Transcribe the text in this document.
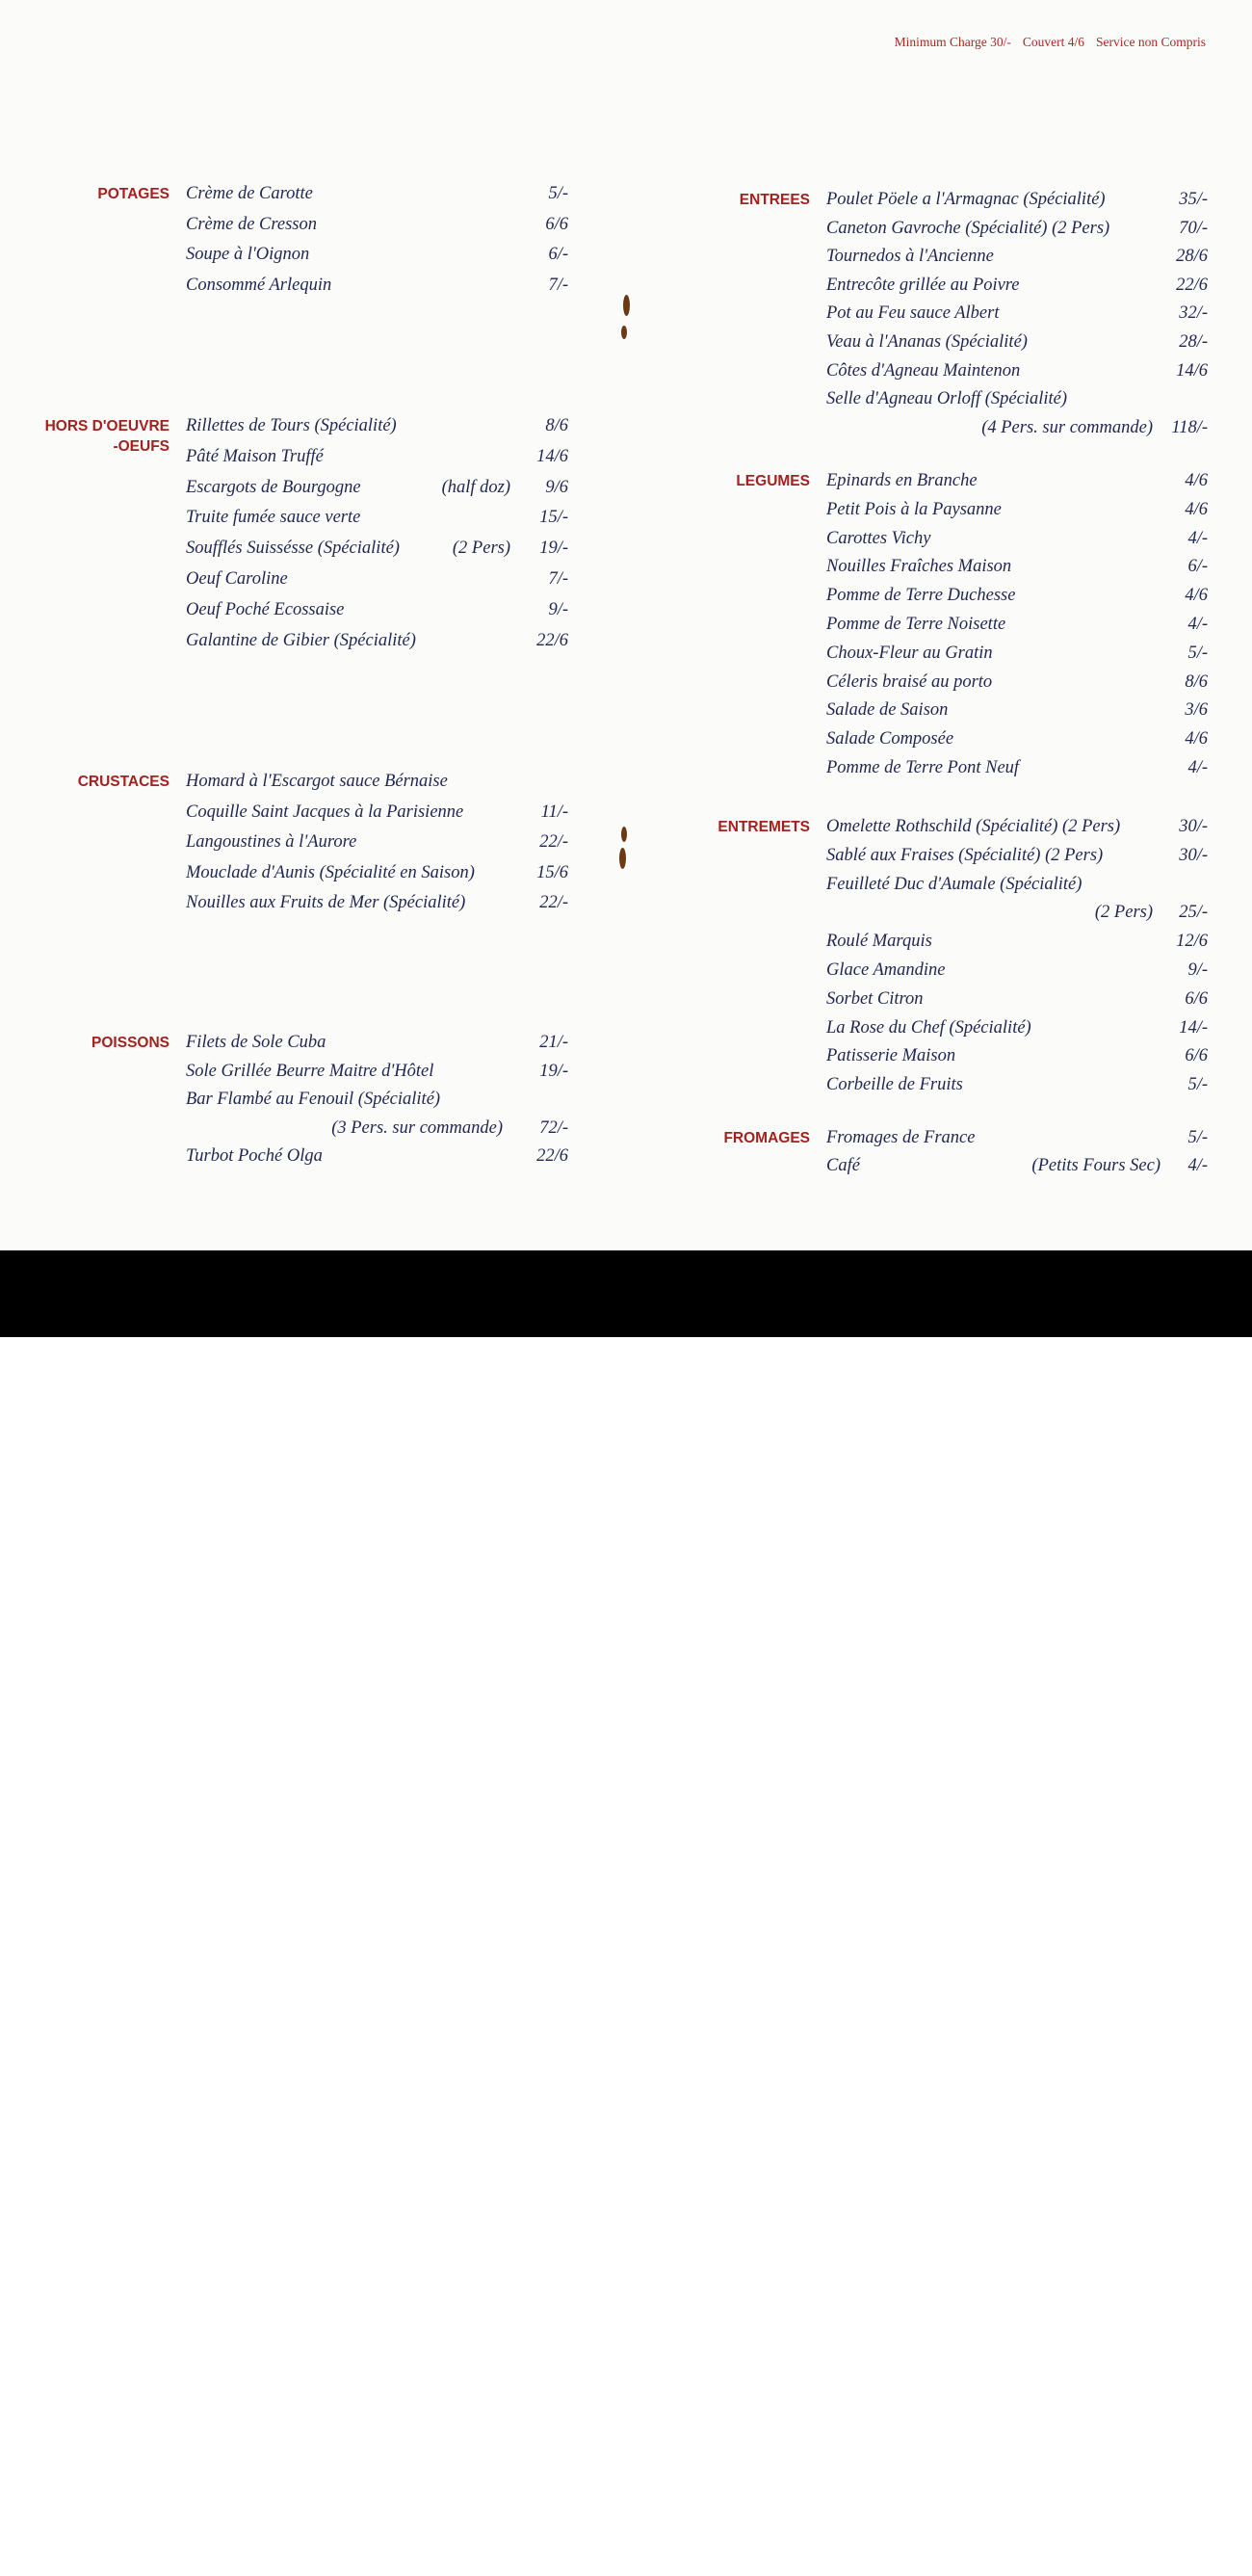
Minimum Charge 30/- Couvert 4/6 Service non Compris
POTAGES Crème de Carotte	5/-
Crème de Cresson	6/6
Soupe à l'Oignon	6/-
Consommé Arlequin	7/-
HORS D'OEUVRE
-OEUFS
Rillettes de Tours (Spécialité)	8/6
Pâté Maison Truffé	14/6
Escargots de Bourgogne	(half doz)	9/6
Truite fumée sauce verte	15/-
Soufflés Suissésse (Spécialité)	(2 Pers)	19/-
Oeuf Caroline	7/-
Oeuf Poché Ecossaise	9/-
Galantine de Gibier (Spécialité)	22/6
CRUSTACES Homard à l'Escargot sauce Bérnaise
Coquille Saint Jacques à la Parisienne	11/-
Langoustines à l'Aurore	22/-
Mouclade d'Aunis (Spécialité en Saison)	15/6
Nouilles aux Fruits de Mer (Spécialité)	22/-
POISSONS Filets de Sole Cuba	21/-
Sole Grillée Beurre Maitre d'Hôtel	19/-
Bar Flambé au Fenouil (Spécialité)
(3 Pers. sur commande)	72/-
Turbot Poché Olga	22/6
ENTREES Poulet Pöele a l'Armagnac (Spécialité)	35/-
Caneton Gavroche (Spécialité) (2 Pers)	70/-
Tournedos à l'Ancienne	28/6
Entrecôte grillée au Poivre	22/6
Pot au Feu sauce Albert	32/-
Veau à l'Ananas (Spécialité)	28/-
Côtes d'Agneau Maintenon	14/6
Selle d'Agneau Orloff (Spécialité)
(4 Pers. sur commande)	118/-
LEGUMES Epinards en Branche	4/6
Petit Pois à la Paysanne	4/6
Carottes Vichy	4/-
Nouilles Fraîches Maison	6/-
Pomme de Terre Duchesse	4/6
Pomme de Terre Noisette	4/-
Choux-Fleur au Gratin	5/-
Céleris braisé au porto	8/6
Salade de Saison	3/6
Salade Composée	4/6
Pomme de Terre Pont Neuf	4/-
ENTREMETS Omelette Rothschild (Spécialité) (2 Pers)	30/-
Sablé aux Fraises (Spécialité) (2 Pers)	30/-
Feuilleté Duc d'Aumale (Spécialité)
(2 Pers)	25/-
Roulé Marquis	12/6
Glace Amandine	9/-
Sorbet Citron	6/6
La Rose du Chef (Spécialité)	14/-
Patisserie Maison	6/6
Corbeille de Fruits	5/-
FROMAGES Fromages de France	5/-
Café	(Petits Fours Sec)	4/-
alamy	2BJ07A6
www.alamy.com
